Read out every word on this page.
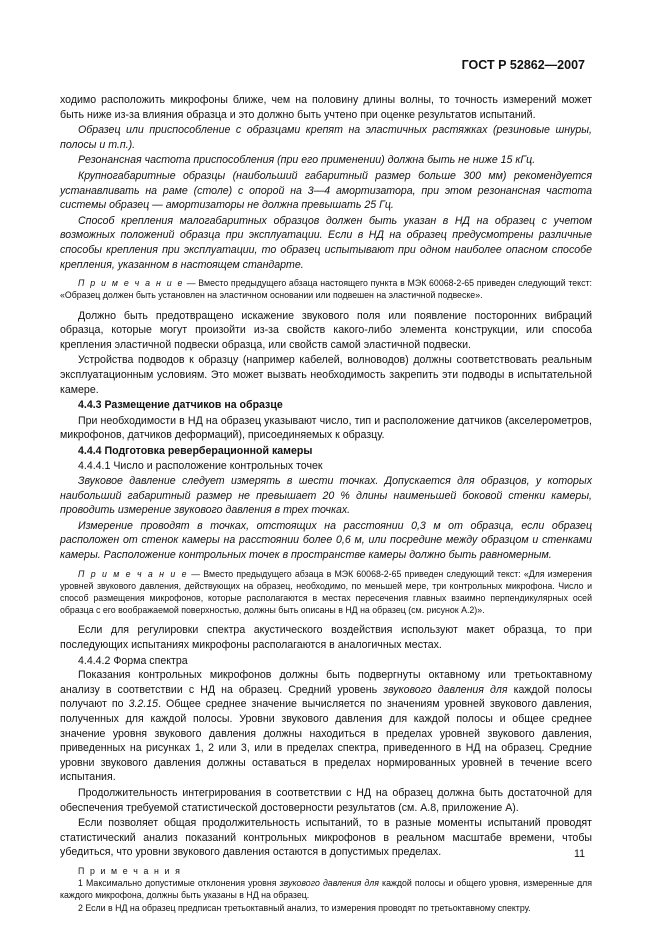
ГОСТ Р 52862—2007

ходимо расположить микрофоны ближе, чем на половину длины волны, то точность измерений может быть ниже из-за влияния образца и это должно быть учтено при оценке результатов испытаний.

Образец или приспособление с образцами крепят на эластичных растяжках (резиновые шнуры, полосы и т.п.).

Резонансная частота приспособления (при его применении) должна быть не ниже 15 кГц.

Крупногабаритные образцы (наибольший габаритный размер больше 300 мм) рекомендуется устанавливать на раме (столе) с опорой на 3—4 амортизатора, при этом резонансная частота системы образец — амортизаторы не должна превышать 25 Гц.

Способ крепления малогабаритных образцов должен быть указан в НД на образец с учетом возможных положений образца при эксплуатации. Если в НД на образец предусмотрены различные способы крепления при эксплуатации, то образец испытывают при одном наиболее опасном способе крепления, указанном в настоящем стандарте.

П р и м е ч а н и е — Вместо предыдущего абзаца настоящего пункта в МЭК 60068-2-65 приведен следующий текст: «Образец должен быть установлен на эластичном основании или подвешен на эластичной подвеске».

Должно быть предотвращено искажение звукового поля или появление посторонних вибраций образца, которые могут произойти из-за свойств какого-либо элемента конструкции, или способа крепления эластичной подвески образца, или свойств самой эластичной подвески.

Устройства подводов к образцу (например кабелей, волноводов) должны соответствовать реальным эксплуатационным условиям. Это может вызвать необходимость закрепить эти подводы в испытательной камере.

4.4.3 Размещение датчиков на образце

При необходимости в НД на образец указывают число, тип и расположение датчиков (акселерометров, микрофонов, датчиков деформаций), присоединяемых к образцу.

4.4.4 Подготовка реверберационной камеры

4.4.4.1 Число и расположение контрольных точек

Звуковое давление следует измерять в шести точках. Допускается для образцов, у которых наибольший габаритный размер не превышает 20 % длины наименьшей боковой стенки камеры, проводить измерение звукового давления в трех точках.

Измерение проводят в точках, отстоящих на расстоянии 0,3 м от образца, если образец расположен от стенок камеры на расстоянии более 0,6 м, или посредине между образцом и стенками камеры. Расположение контрольных точек в пространстве камеры должно быть равномерным.

П р и м е ч а н и е — Вместо предыдущего абзаца в МЭК 60068-2-65 приведен следующий текст: «Для измерения уровней звукового давления, действующих на образец, необходимо, по меньшей мере, три контрольных микрофона. Число и способ размещения микрофонов, которые располагаются в местах пересечения главных взаимно перпендикулярных осей образца с его воображаемой поверхностью, должны быть описаны в НД на образец (см. рисунок А.2)».

Если для регулировки спектра акустического воздействия используют макет образца, то при последующих испытаниях микрофоны располагаются в аналогичных местах.

4.4.4.2 Форма спектра

Показания контрольных микрофонов должны быть подвергнуты октавному или третьоктавному анализу в соответствии с НД на образец. Средний уровень звукового давления для каждой полосы получают по 3.2.15. Общее среднее значение вычисляется по значениям уровней звукового давления, полученных для каждой полосы. Уровни звукового давления для каждой полосы и общее среднее значение уровня звукового давления должны находиться в пределах уровней звукового давления, приведенных на рисунках 1, 2 или 3, или в пределах спектра, приведенного в НД на образец. Средние уровни звукового давления должны оставаться в пределах нормированных уровней в течение всего испытания.

Продолжительность интегрирования в соответствии с НД на образец должна быть достаточной для обеспечения требуемой статистической достоверности результатов (см. А.8, приложение А).

Если позволяет общая продолжительность испытаний, то в разные моменты испытаний проводят статистический анализ показаний контрольных микрофонов в реальном масштабе времени, чтобы убедиться, что уровни звукового давления остаются в допустимых пределах.

П р и м е ч а н и я

1 Максимально допустимые отклонения уровня звукового давления для каждой полосы и общего уровня, измеренные для каждого микрофона, должны быть указаны в НД на образец.

2 Если в НД на образец предписан третьоктавный анализ, то измерения проводят по третьоктавному спектру.

11
